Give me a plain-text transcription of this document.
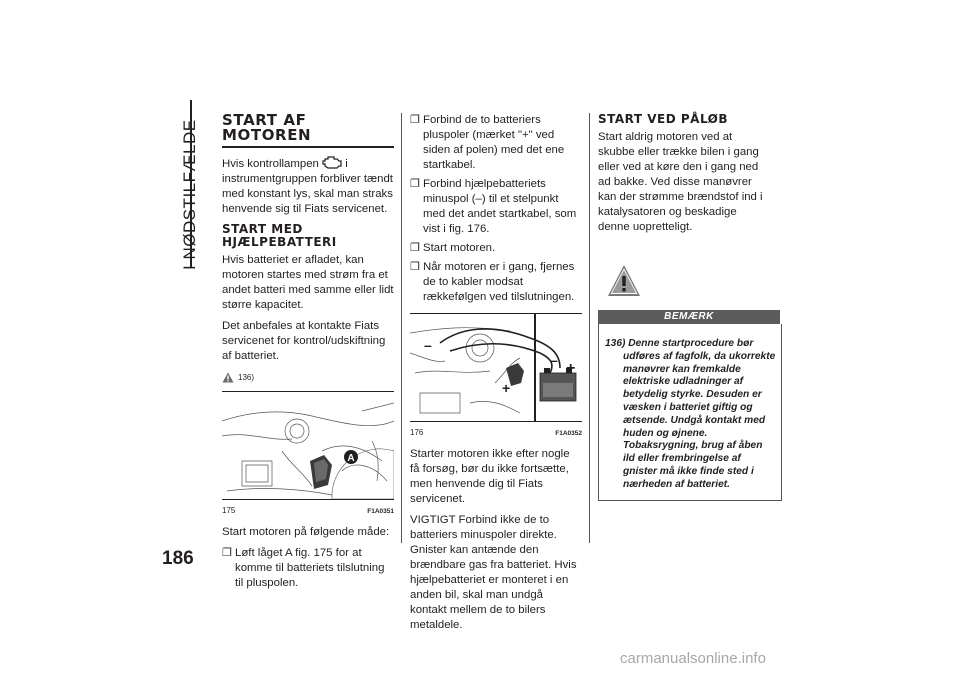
I NØDSTILFÆLDE	START AF MOTOREN

Hvis kontrollampen i instrumentgruppen forbliver tændt med konstant lys, skal man straks henvende sig til Fiats servicenet.

START MED HJÆLPEBATTERI

Hvis batteriet er afladet, kan motoren startes med strøm fra et andet batteri med samme eller lidt større kapacitet.

Det anbefales at kontakte Fiats servicenet for kontrol/udskiftning af batteriet.

136)
A
175	F1A0351

Start motoren på følgende måde:

❐ Løft låget A fig. 175 for at komme til batteriets tilslutning til pluspolen.
❐ Forbind de to batteriers pluspoler (mærket "+" ved siden af polen) med det ene startkabel.
❐ Forbind hjælpebatteriets minuspol (–) til et stelpunkt med det andet startkabel, som vist i fig. 176.
❐ Start motoren.
❐ Når motoren er i gang, fjernes de to kabler modsat rækkefølgen ved tilslutningen.
+
–
– +
176	F1A0352

Starter motoren ikke efter nogle få forsøg, bør du ikke fortsætte, men henvende dig til Fiats servicenet.

VIGTIGT Forbind ikke de to batteriers minuspoler direkte. Gnister kan antænde den brændbare gas fra batteriet. Hvis hjælpebatteriet er monteret i en anden bil, skal man undgå kontakt mellem de to bilers metaldele.

START VED PÅLØB

Start aldrig motoren ved at skubbe eller trække bilen i gang eller ved at køre den i gang ned ad bakke. Ved disse manøvrer kan der strømme brændstof ind i katalysatoren og beskadige denne uopretteligt.

BEMÆRK
136) Denne startprocedure bør udføres af fagfolk, da ukorrekte manøvrer kan fremkalde elektriske udladninger af betydelig styrke. Desuden er væsken i batteriet giftig og ætsende. Undgå kontakt med huden og øjnene. Tobaksrygning, brug af åben ild eller frembringelse af gnister må ikke finde sted i nærheden af batteriet.
186
carmanualsonline.info
